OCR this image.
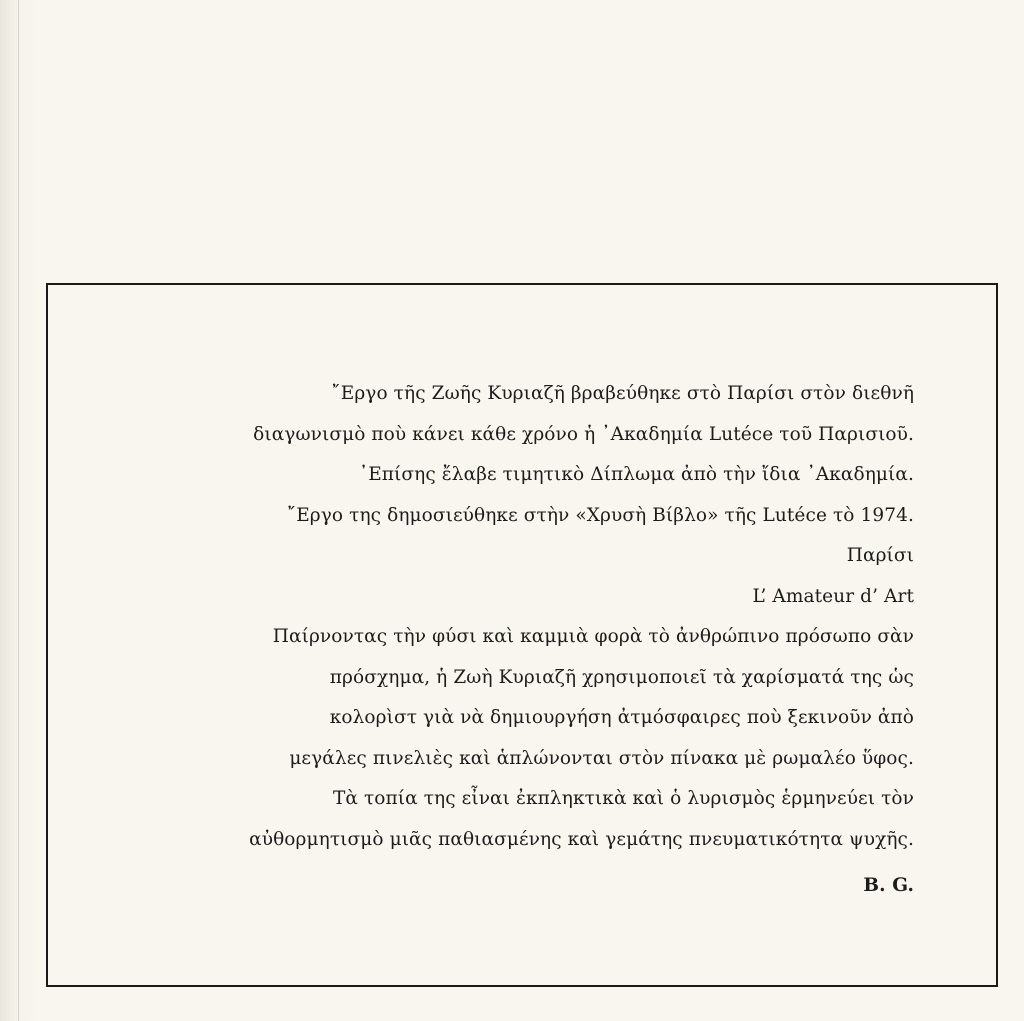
῎Εργο τῆς Ζωῆς Κυριαζῆ βραβεύθηκε στὸ Παρίσι στὸν διεθνῆ
διαγωνισμὸ ποὺ κάνει κάθε χρόνο ἡ ᾿Ακαδημία Lutéce τοῦ Παρισιοῦ.
᾿Επίσης ἔλαβε τιμητικὸ Δίπλωμα ἀπὸ τὴν ἴδια ᾿Ακαδημία.
῎Εργο της δημοσιεύθηκε στὴν «Χρυσὴ Βίβλο» τῆς Lutéce τὸ 1974.
Παρίσι
L’ Amateur d’ Art
Παίρνοντας τὴν φύσι καὶ καμμιὰ φορὰ τὸ ἀνθρώπινο πρόσωπο σὰν
πρόσχημα, ἡ Ζωὴ Κυριαζῆ χρησιμοποιεῖ τὰ χαρίσματά της ὡς
κολορὶστ γιὰ νὰ δημιουργήση ἀτμόσφαιρες ποὺ ξεκινοῦν ἀπὸ
μεγάλες πινελιὲς καὶ ἁπλώνονται στὸν πίνακα μὲ ρωμαλέο ὕφος.
Τὰ τοπία της εἶναι ἐκπληκτικὰ καὶ ὁ λυρισμὸς ἑρμηνεύει τὸν
αὐθορμητισμὸ μιᾶς παθιασμένης καὶ γεμάτης πνευματικότητα ψυχῆς.
B. G.
